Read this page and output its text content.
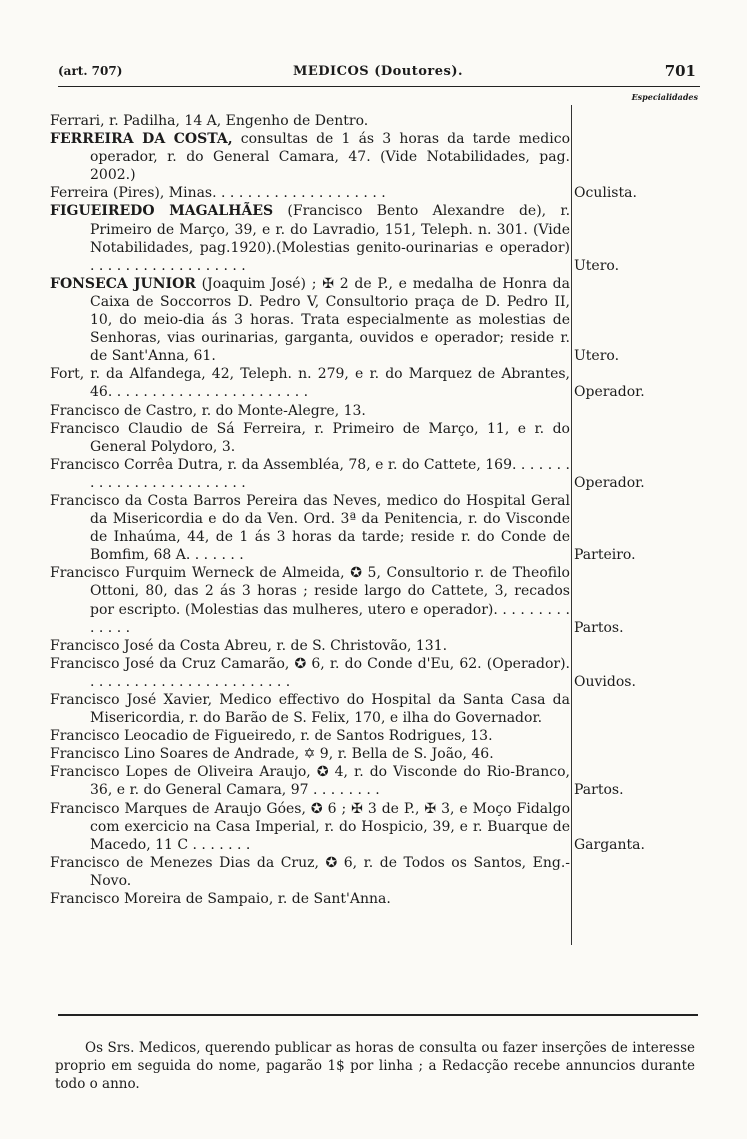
(art. 707)	MEDICOS (Doutores).	701
Especialidades
Ferrari, r. Padilha, 14 A, Engenho de Dentro.
FERREIRA DA COSTA, consultas de 1 ás 3 horas da tarde medico operador, r. do General Camara, 47. (Vide Notabilidades, pag. 2002.)
Ferreira (Pires), Minas. . . . . . . . . . . . . . . . . . . .	Oculista.
FIGUEIREDO MAGALHÃES (Francisco Bento Alexandre de), r. Primeiro de Março, 39, e r. do Lavradio, 151, Teleph. n. 301. (Vide Notabilidades, pag.1920).(Molestias genito-ourinarias e operador) . . . . . . . . . . . . . . . . . .	Utero.
FONSECA JUNIOR (Joaquim José) ; ✠ 2 de P., e medalha de Honra da Caixa de Soccorros D. Pedro V, Consultorio praça de D. Pedro II, 10, do meio-dia ás 3 horas. Trata especialmente as molestias de Senhoras, vias ourinarias, garganta, ouvidos e operador; reside r. de Sant'Anna, 61.	Utero.
Fort, r. da Alfandega, 42, Teleph. n. 279, e r. do Marquez de Abrantes, 46. . . . . . . . . . . . . . . . . . . . . . .	Operador.
Francisco de Castro, r. do Monte-Alegre, 13.
Francisco Claudio de Sá Ferreira, r. Primeiro de Março, 11, e r. do General Polydoro, 3.
Francisco Corrêa Dutra, r. da Assembléa, 78, e r. do Cattete, 169. . . . . . . . . . . . . . . . . . . . . . . . .	Operador.
Francisco da Costa Barros Pereira das Neves, medico do Hospital Geral da Misericordia e do da Ven. Ord. 3ª da Penitencia, r. do Visconde de Inhaúma, 44, de 1 ás 3 horas da tarde; reside r. do Conde de Bomfim, 68 A. . . . . . .	Parteiro.
Francisco Furquim Werneck de Almeida, ✪ 5, Consultorio r. de Theofilo Ottoni, 80, das 2 ás 3 horas ; reside largo do Cattete, 3, recados por escripto. (Molestias das mulheres, utero e operador). . . . . . . . . . . . . .	Partos.
Francisco José da Costa Abreu, r. de S. Christovão, 131.
Francisco José da Cruz Camarão, ✪ 6, r. do Conde d'Eu, 62. (Operador). . . . . . . . . . . . . . . . . . . . . . . .	Ouvidos.
Francisco José Xavier, Medico effectivo do Hospital da Santa Casa da Misericordia, r. do Barão de S. Felix, 170, e ilha do Governador.
Francisco Leocadio de Figueiredo, r. de Santos Rodrigues, 13.
Francisco Lino Soares de Andrade, ✡ 9, r. Bella de S. João, 46.
Francisco Lopes de Oliveira Araujo, ✪ 4, r. do Visconde do Rio-Branco, 36, e r. do General Camara, 97 . . . . . . . .	Partos.
Francisco Marques de Araujo Góes, ✪ 6 ; ✠ 3 de P., ✠ 3, e Moço Fidalgo com exercicio na Casa Imperial, r. do Hospicio, 39, e r. Buarque de Macedo, 11 C . . . . . . .	Garganta.
Francisco de Menezes Dias da Cruz, ✪ 6, r. de Todos os Santos, Eng.-Novo.
Francisco Moreira de Sampaio, r. de Sant'Anna.

Os Srs. Medicos, querendo publicar as horas de consulta ou fazer inserções de interesse proprio em seguida do nome, pagarão 1$ por linha ; a Redacção recebe annuncios durante todo o anno.
